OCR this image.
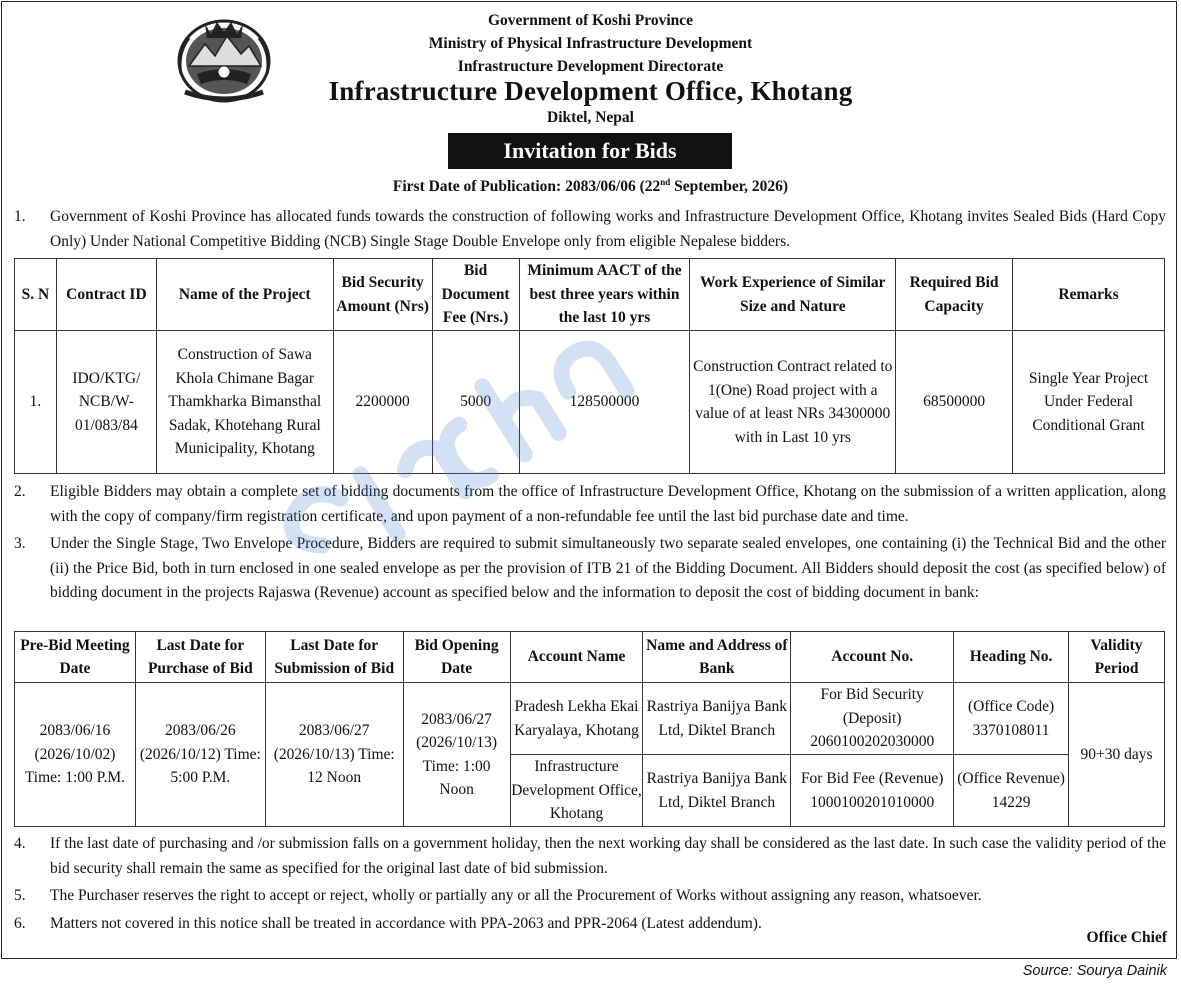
Government of Koshi Province
Ministry of Physical Infrastructure Development
Infrastructure Development Directorate
Infrastructure Development Office, Khotang
Diktel, Nepal
Invitation for Bids
First Date of Publication: 2083/06/06 (22nd September, 2026)
1.	Government of Koshi Province has allocated funds towards the construction of following works and Infrastructure Development Office, Khotang invites Sealed Bids (Hard Copy Only) Under National Competitive Bidding (NCB) Single Stage Double Envelope only from eligible Nepalese bidders.
S. N	Contract ID	Name of the Project	Bid Security Amount (Nrs)	Bid Document Fee (Nrs.)	Minimum AACT of the best three years within the last 10 yrs	Work Experience of Similar Size and Nature	Required Bid Capacity	Remarks
1.	IDO/KTG/ NCB/W- 01/083/84	Construction of Sawa Khola Chimane Bagar Thamkharka Bimansthal Sadak, Khotehang Rural Municipality, Khotang	2200000	5000	128500000	Construction Contract related to 1(One) Road project with a value of at least NRs 34300000 with in Last 10 yrs	68500000	Single Year Project Under Federal Conditional Grant
2.	Eligible Bidders may obtain a complete set of bidding documents from the office of Infrastructure Development Office, Khotang on the submission of a written application, along with the copy of company/firm registration certificate, and upon payment of a non-refundable fee until the last bid purchase date and time.
3.	Under the Single Stage, Two Envelope Procedure, Bidders are required to submit simultaneously two separate sealed envelopes, one containing (i) the Technical Bid and the other (ii) the Price Bid, both in turn enclosed in one sealed envelope as per the provision of ITB 21 of the Bidding Document. All Bidders should deposit the cost (as specified below) of bidding document in the projects Rajaswa (Revenue) account as specified below and the information to deposit the cost of bidding document in bank:
Pre-Bid Meeting Date	Last Date for Purchase of Bid	Last Date for Submission of Bid	Bid Opening Date	Account Name	Name and Address of Bank	Account No.	Heading No.	Validity Period
2083/06/16 (2026/10/02) Time: 1:00 P.M.	2083/06/26 (2026/10/12) Time: 5:00 P.M.	2083/06/27 (2026/10/13) Time: 12 Noon	2083/06/27 (2026/10/13) Time: 1:00 Noon	Pradesh Lekha Ekai Karyalaya, Khotang	Rastriya Banijya Bank Ltd, Diktel Branch	For Bid Security (Deposit) 2060100202030000	(Office Code) 3370108011	90+30 days
				Infrastructure Development Office, Khotang	Rastriya Banijya Bank Ltd, Diktel Branch	For Bid Fee (Revenue) 1000100201010000	(Office Revenue) 14229	
4.	If the last date of purchasing and /or submission falls on a government holiday, then the next working day shall be considered as the last date. In such case the validity period of the bid security shall remain the same as specified for the original last date of bid submission.
5.	The Purchaser reserves the right to accept or reject, wholly or partially any or all the Procurement of Works without assigning any reason, whatsoever.
6.	Matters not covered in this notice shall be treated in accordance with PPA-2063 and PPR-2064 (Latest addendum).
Office Chief
Source: Sourya Dainik
